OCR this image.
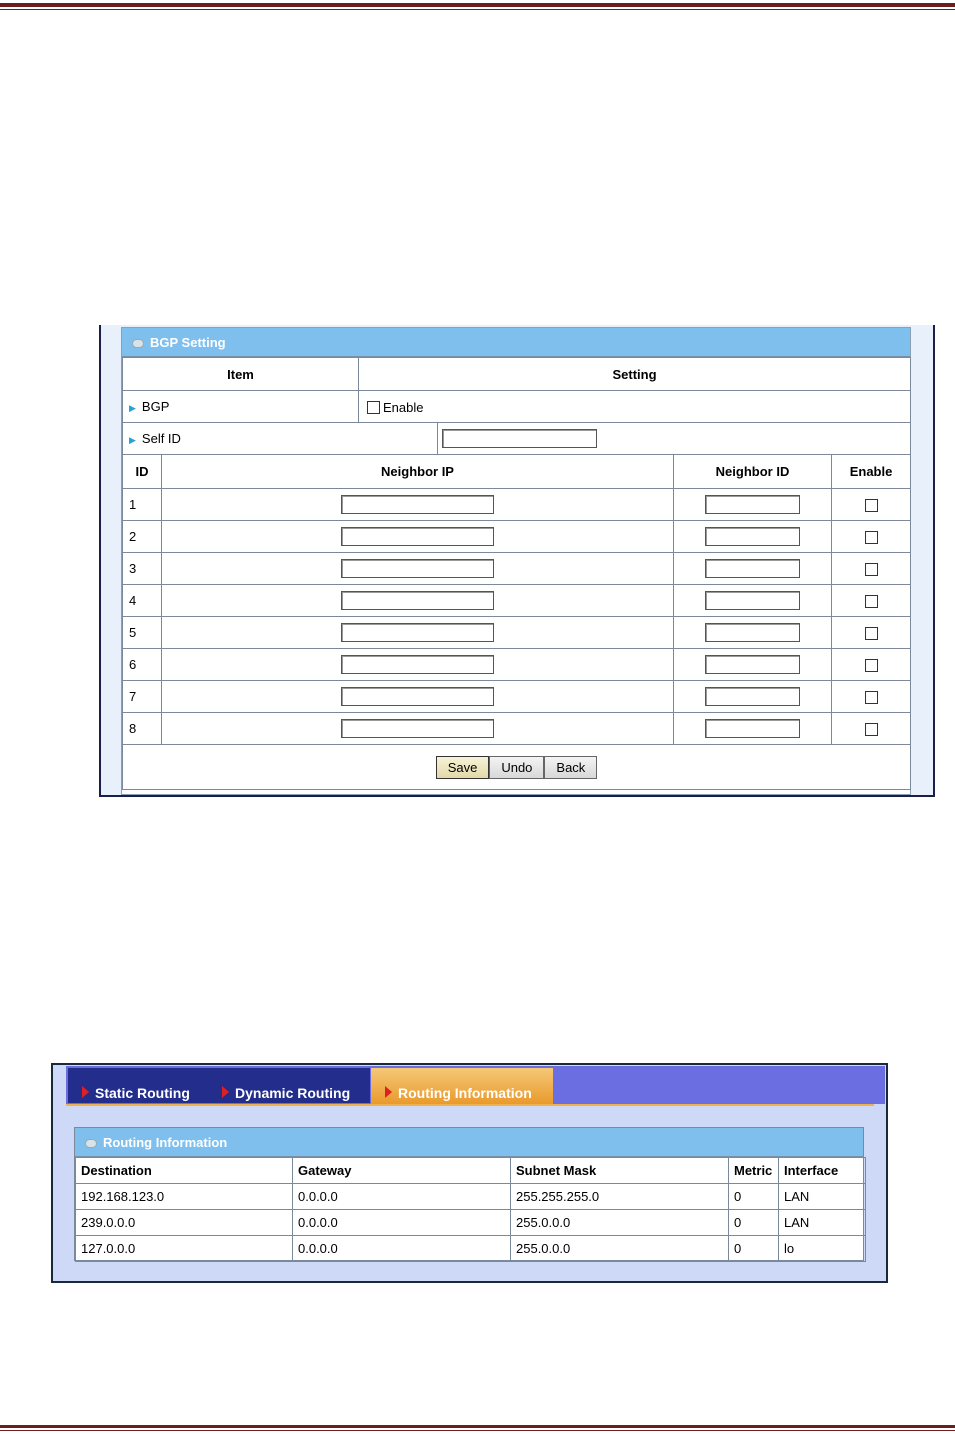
BGP Setting
Item		Setting			
▶ BGP		Enable			
▶ Self ID					
ID	Neighbor IP			Neighbor ID	Enable
1					
2					
3					
4					
5					
6					
7					
8					
Save Undo Back					
Static Routing	Dynamic Routing	Routing Information
Routing Information
Destination	Gateway	Subnet Mask	Metric	Interface
192.168.123.0	0.0.0.0	255.255.255.0	0	LAN
239.0.0.0	0.0.0.0	255.0.0.0	0	LAN
127.0.0.0	0.0.0.0	255.0.0.0	0	lo
